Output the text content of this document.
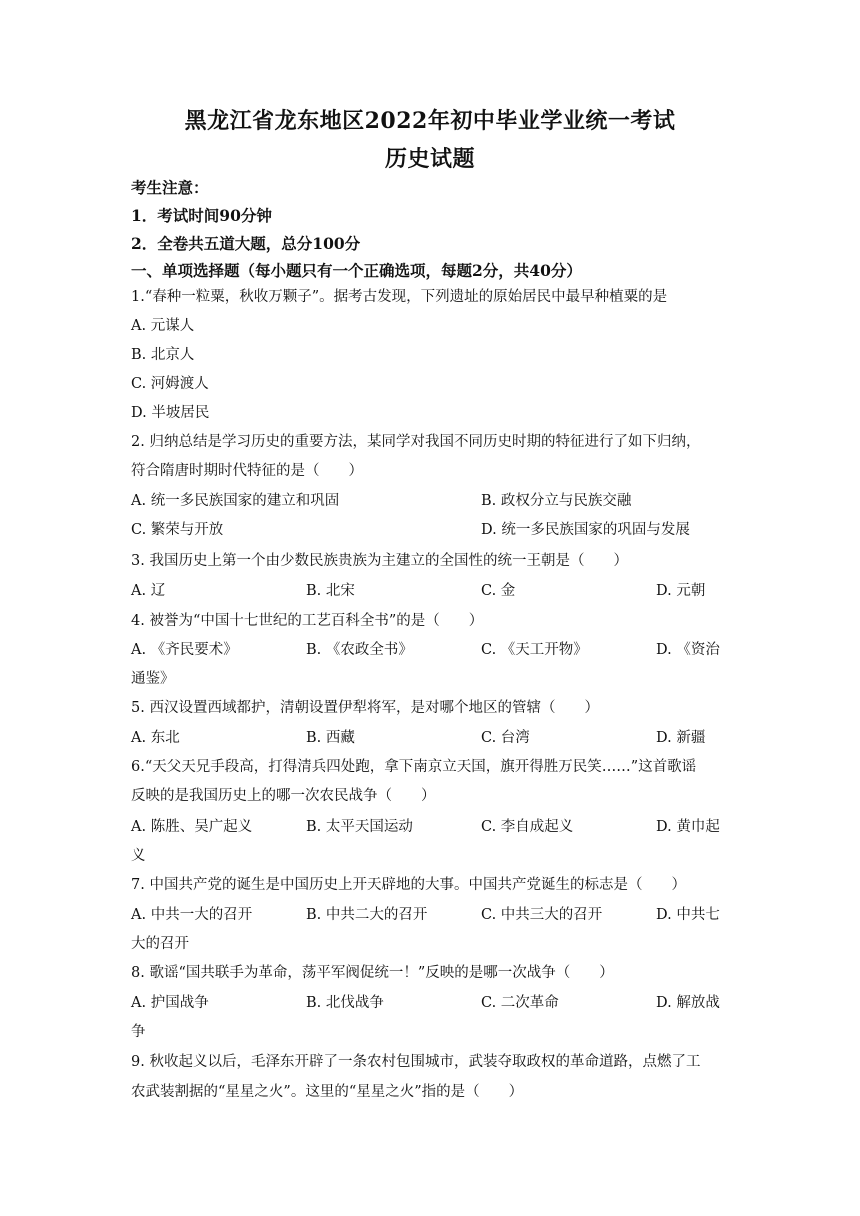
黑龙江省龙东地区2022年初中毕业学业统一考试
历史试题
考生注意：
1．考试时间90分钟
2．全卷共五道大题，总分100分
一、单项选择题（每小题只有一个正确选项，每题2分，共40分）
1.“春种一粒粟，秋收万颗子”。据考古发现，下列遗址的原始居民中最早种植粟的是
A. 元谋人
B. 北京人
C. 河姆渡人
D. 半坡居民
2. 归纳总结是学习历史的重要方法，某同学对我国不同历史时期的特征进行了如下归纳，
符合隋唐时期时代特征的是（　　）
A. 统一多民族国家的建立和巩固	B. 政权分立与民族交融
C. 繁荣与开放	D. 统一多民族国家的巩固与发展
3. 我国历史上第一个由少数民族贵族为主建立的全国性的统一王朝是（　　）
A. 辽	B. 北宋	C. 金	D. 元朝
4. 被誉为“中国十七世纪的工艺百科全书”的是（　　）
A. 《齐民要术》	B. 《农政全书》	C. 《天工开物》	D. 《资治
通鉴》
5. 西汉设置西域都护，清朝设置伊犁将军，是对哪个地区的管辖（　　）
A. 东北	B. 西藏	C. 台湾	D. 新疆
6.“天父天兄手段高，打得清兵四处跑，拿下南京立天国，旗开得胜万民笑……”这首歌谣
反映的是我国历史上的哪一次农民战争（　　）
A. 陈胜、吴广起义	B. 太平天国运动	C. 李自成起义	D. 黄巾起
义
7. 中国共产党的诞生是中国历史上开天辟地的大事。中国共产党诞生的标志是（　　）
A. 中共一大的召开	B. 中共二大的召开	C. 中共三大的召开	D. 中共七
大的召开
8. 歌谣“国共联手为革命，荡平军阀促统一！”反映的是哪一次战争（　　）
A. 护国战争	B. 北伐战争	C. 二次革命	D. 解放战
争
9. 秋收起义以后，毛泽东开辟了一条农村包围城市，武装夺取政权的革命道路，点燃了工
农武装割据的“星星之火”。这里的“星星之火”指的是（　　）
